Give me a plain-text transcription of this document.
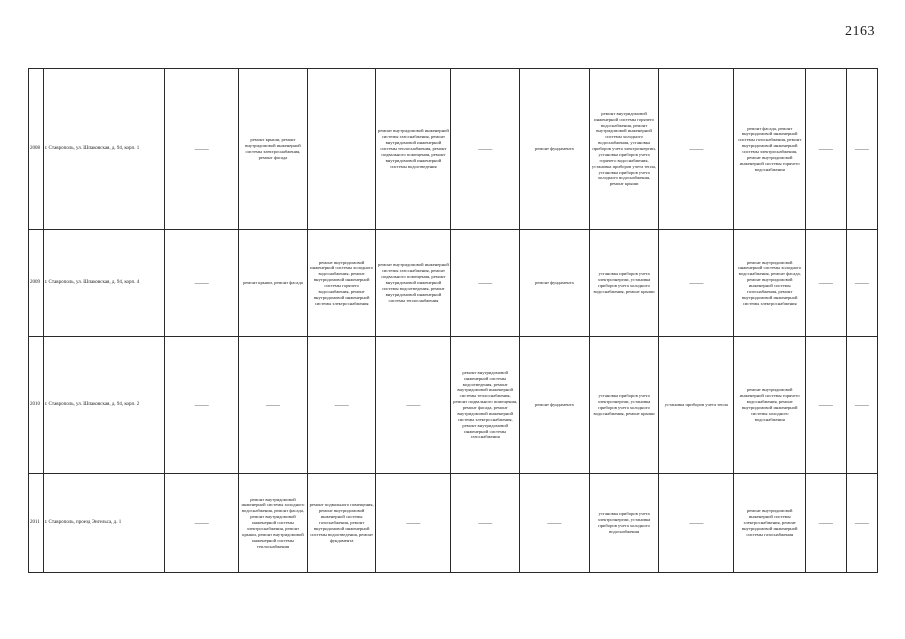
2163
2008	г. Ставрополь, ул. Шпаковская, д. 94, корп. 1	——	ремонт крыши, ремонт внутридомовой инженерной системы электроснабжения, ремонт фасада		ремонт внутридомовой инженерной системы газоснабжения, ремонт внутридомовой инженерной системы теплоснабжения, ремонт подвального помещения, ремонт внутридомовой инженерной системы водоотведения	——	ремонт фундамента	ремонт внутридомовой инженерной системы горячего водоснабжения, ремонт внутридомовой инженерной системы холодного водоснабжения, установка приборов учета электроэнергии, установка приборов учета горячего водоснабжения, установка приборов учета тепла, установка приборов учета холодного водоснабжения, ремонт крыши	——	ремонт фасада, ремонт внутридомовой инженерной системы газоснабжения, ремонт внутридомовой инженерной системы электроснабжения, ремонт внутридомовой инженерной системы горячего водоснабжения	——	——
2009	г. Ставрополь, ул. Шпаковская, д. 94, корп. 4	——	ремонт крыши, ремонт фасада	ремонт внутридомовой инженерной системы холодного водоснабжения, ремонт внутридомовой инженерной системы горячего водоснабжения, ремонт внутридомовой инженерной системы электроснабжения	ремонт внутридомовой инженерной системы газоснабжения, ремонт подвального помещения, ремонт внутридомовой инженерной системы водоотведения, ремонт внутридомовой инженерной системы теплоснабжения	——	ремонт фундамента	установка приборов учета электроэнергии, установка приборов учета холодного водоснабжения, ремонт крыши	——	ремонт внутридомовой инженерной системы холодного водоснабжения, ремонт фасада, ремонт внутридомовой инженерной системы газоснабжения, ремонт внутридомовой инженерной системы электроснабжения	——	——
2010	г. Ставрополь, ул. Шпаковская, д. 94, корп. 2	——	——	——	——	ремонт внутридомовой инженерной системы водоотведения, ремонт внутридомовой инженерной системы теплоснабжения, ремонт подвального помещения, ремонт фасада, ремонт внутридомовой инженерной системы электроснабжения, ремонт внутридомовой инженерной системы газоснабжения	ремонт фундамента	установка приборов учета электроэнергии, установка приборов учета холодного водоснабжения, ремонт крыши	установка приборов учета тепла	ремонт внутридомовой инженерной системы горячего водоснабжения, ремонт внутридомовой инженерной системы холодного водоснабжения	——	——
2011	г. Ставрополь, проезд Энгельса, д. 1	——	ремонт внутридомовой инженерной системы холодного водоснабжения, ремонт фасада, ремонт внутридомовой инженерной системы электроснабжения, ремонт крыши, ремонт внутридомовой инженерной системы теплоснабжения	ремонт подвального помещения, ремонт внутридомовой инженерной системы газоснабжения, ремонт внутридомовой инженерной системы водоотведения, ремонт фундамента	——	——	——	установка приборов учета электроэнергии, установка приборов учета холодного водоснабжения	——	ремонт внутридомовой инженерной системы электроснабжения, ремонт внутридомовой инженерной системы газоснабжения	——	——
